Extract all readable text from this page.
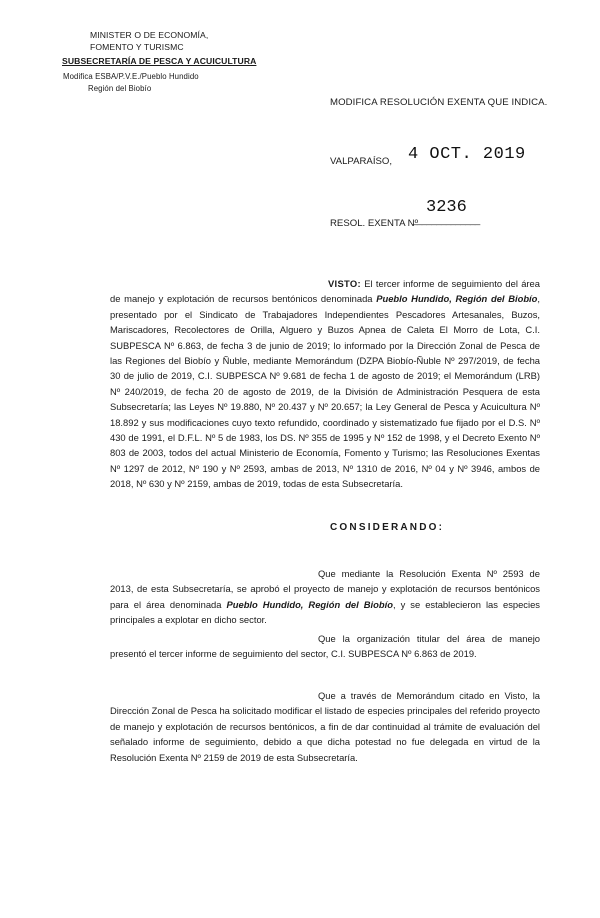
MINISTER O DE ECONOMÍA,
FOMENTO Y TURISMC
SUBSECRETARÍA DE PESCA Y ACUICULTURA
Modifica ESBA/P.V.E./Pueblo Hundido
Región del Biobío
MODIFICA RESOLUCIÓN EXENTA QUE INDICA.
VALPARAÍSO, 4 OCT. 2019
RESOL. EXENTA Nº
______________
3236
VISTO: El tercer informe de seguimiento del área de manejo y explotación de recursos bentónicos denominada Pueblo Hundido, Región del Biobío, presentado por el Sindicato de Trabajadores Independientes Pescadores Artesanales, Buzos, Mariscadores, Recolectores de Orilla, Alguero y Buzos Apnea de Caleta El Morro de Lota, C.I. SUBPESCA Nº 6.863, de fecha 3 de junio de 2019; lo informado por la Dirección Zonal de Pesca de las Regiones del Biobío y Ñuble, mediante Memorándum (DZPA Biobío-Ñuble Nº 297/2019, de fecha 30 de julio de 2019, C.I. SUBPESCA Nº 9.681 de fecha 1 de agosto de 2019; el Memorándum (LRB) Nº 240/2019, de fecha 20 de agosto de 2019, de la División de Administración Pesquera de esta Subsecretaría; las Leyes Nº 19.880, Nº 20.437 y Nº 20.657; la Ley General de Pesca y Acuicultura Nº 18.892 y sus modificaciones cuyo texto refundido, coordinado y sistematizado fue fijado por el D.S. Nº 430 de 1991, el D.F.L. Nº 5 de 1983, los DS. Nº 355 de 1995 y Nº 152 de 1998, y el Decreto Exento Nº 803 de 2003, todos del actual Ministerio de Economía, Fomento y Turismo; las Resoluciones Exentas Nº 1297 de 2012, Nº 190 y Nº 2593, ambas de 2013, Nº 1310 de 2016, Nº 04 y Nº 3946, ambos de 2018, Nº 630 y Nº 2159, ambas de 2019, todas de esta Subsecretaría.
CONSIDERANDO:
Que mediante la Resolución Exenta Nº 2593 de 2013, de esta Subsecretaría, se aprobó el proyecto de manejo y explotación de recursos bentónicos para el área denominada Pueblo Hundido, Región del Biobío, y se establecieron las especies principales a explotar en dicho sector.
Que la organización titular del área de manejo presentó el tercer informe de seguimiento del sector, C.I. SUBPESCA Nº 6.863 de 2019.
Que a través de Memorándum citado en Visto, la Dirección Zonal de Pesca ha solicitado modificar el listado de especies principales del referido proyecto de manejo y explotación de recursos bentónicos, a fin de dar continuidad al trámite de evaluación del señalado informe de seguimiento, debido a que dicha potestad no fue delegada en virtud de la Resolución Exenta Nº 2159 de 2019 de esta Subsecretaría.
